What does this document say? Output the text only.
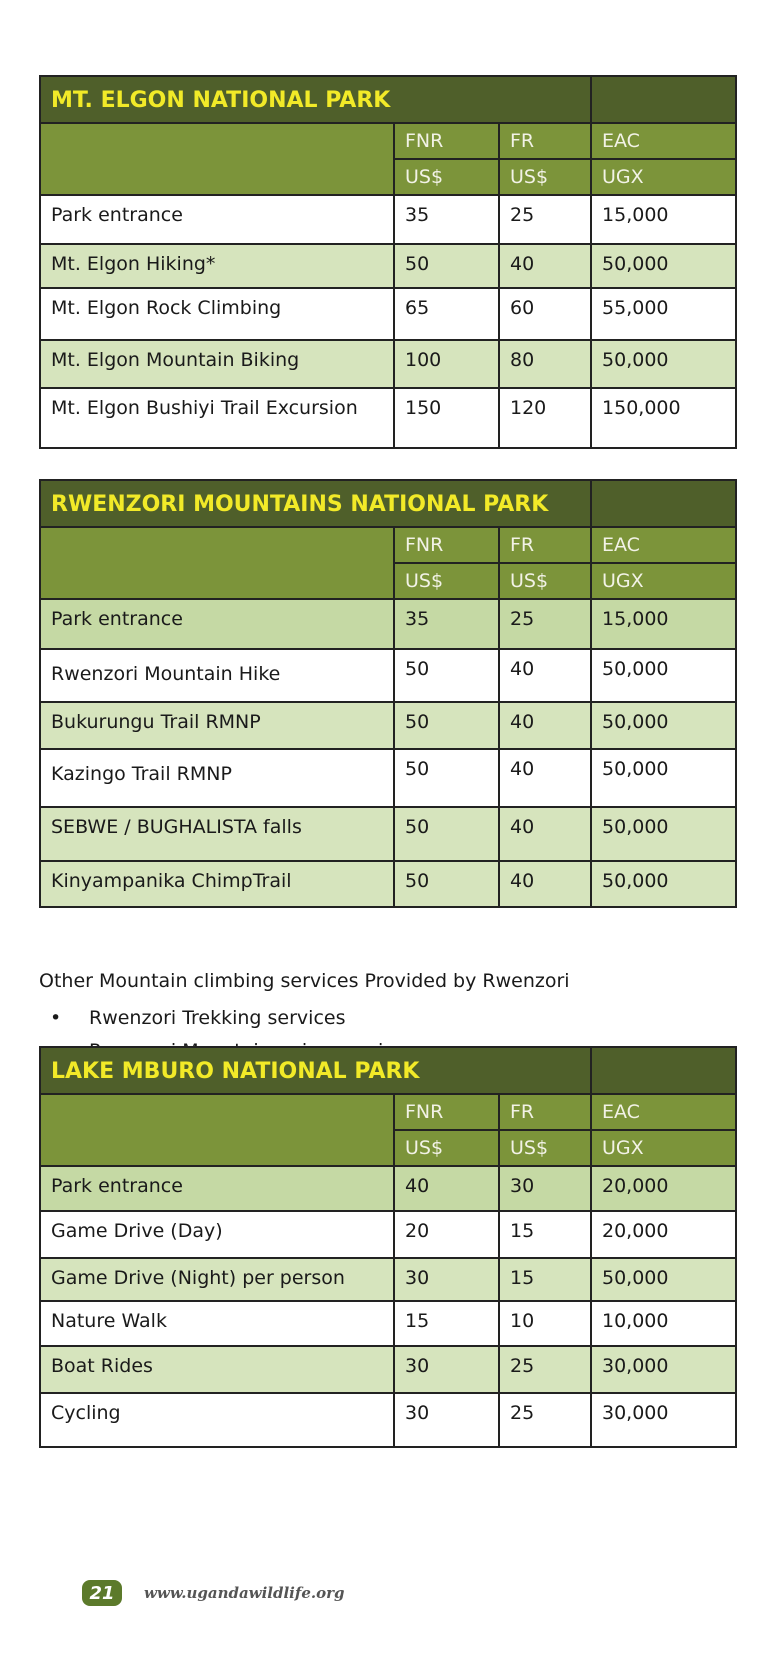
MT. ELGON NATIONAL PARK			
	FNR	FR	EAC
	US$	US$	UGX
Park entrance	35	25	15,000
Mt. Elgon Hiking*	50	40	50,000
Mt. Elgon Rock Climbing	65	60	55,000
Mt. Elgon Mountain Biking	100	80	50,000
Mt. Elgon Bushiyi Trail Excursion	150	120	150,000
RWENZORI MOUNTAINS NATIONAL PARK			
	FNR	FR	EAC
	US$	US$	UGX
Park entrance	35	25	15,000
Rwenzori Mountain Hike	50	40	50,000
Bukurungu Trail RMNP	50	40	50,000
Kazingo Trail RMNP	50	40	50,000
SEBWE / BUGHALISTA falls	50	40	50,000
Kinyampanika ChimpTrail	50	40	50,000
Other Mountain climbing services Provided by Rwenzori
• Rwenzori Trekking services
LAKE MBURO NATIONAL PARK			
	FNR	FR	EAC
	US$	US$	UGX
Park entrance	40	30	20,000
Game Drive (Day)	20	15	20,000
Game Drive (Night) per person	30	15	50,000
Nature Walk	15	10	10,000
Boat Rides	30	25	30,000
Cycling	30	25	30,000
21	www.ugandawildlife.org
